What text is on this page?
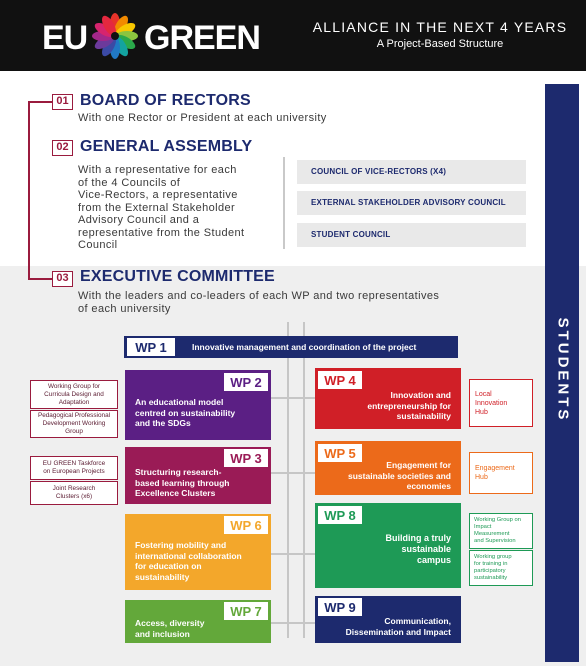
EU GREEN	ALLIANCE IN THE NEXT 4 YEARS
A Project-Based Structure
01 BOARD OF RECTORS
With one Rector or President at each university
02 GENERAL ASSEMBLY
With a representative for each
of the 4 Councils of
Vice-Rectors, a representative
from the External Stakeholder
Advisory Council and a
representative from the Student
Council
COUNCIL OF VICE-RECTORS (X4)
EXTERNAL STAKEHOLDER ADVISORY COUNCIL
STUDENT COUNCIL
03 EXECUTIVE COMMITTEE
With the leaders and co-leaders of each WP and two representatives
of each university
STUDENTS
Innovative management and coordination of the project
WP 1
An educational model
centred on sustainability
and the SDGs
WP 2
Working Group for
Curricula Design and
Adaptation
Pedagogical Professional
Development Working
Group
Structuring research-
based learning through
Excellence Clusters
WP 3
EU GREEN Taskforce
on European Projects
Joint Research
Clusters (x6)
Fostering mobility and
international collaboration
for education on
sustainability
WP 6
Access, diversity
and inclusion
WP 7
Innovation and
entrepreneurship for
sustainability
WP 4
Local
Innovation
Hub
Engagement for
sustainable societies and
economies
WP 5
Engagement
Hub
Building a truly
sustainable
campus
WP 8	Working Group on Impact
Measurement
and Supervision
Working group
for training in
participatory
sustainability
Communication,
Dissemination and Impact
WP 9
